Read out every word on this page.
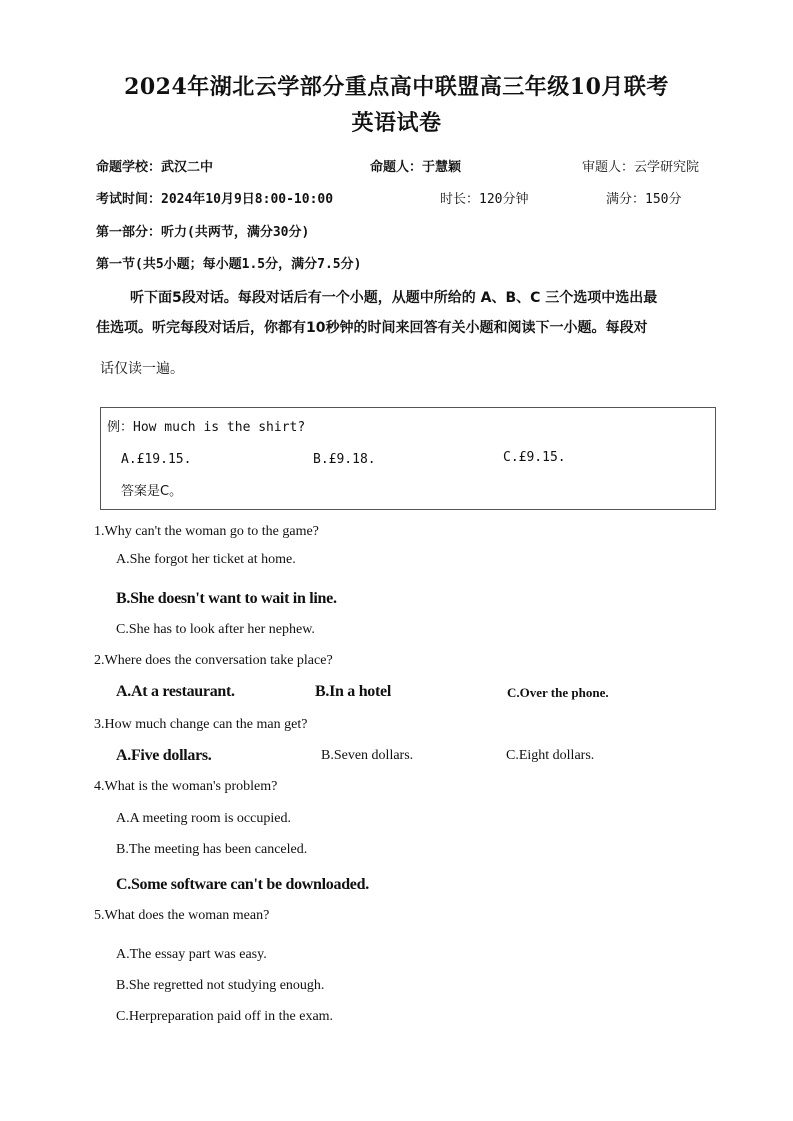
2024年湖北云学部分重点高中联盟高三年级10月联考
英语试卷
命题学校：武汉二中	命题人：于慧颖	审题人：云学研究院
考试时间：2024年10月9日8:00-10:00	时长：120分钟	满分：150分
第一部分：听力(共两节，满分30分)
第一节(共5小题；每小题1.5分，满分7.5分)
听下面5段对话。每段对话后有一个小题，从题中所给的 A、B、C 三个选项中选出最
佳选项。听完每段对话后，你都有10秒钟的时间来回答有关小题和阅读下一小题。每段对
话仅读一遍。
例：How much is the shirt?
A.£19.15.	B.£9.18.	C.£9.15.
答案是C。
1.Why can't the woman go to the game?
A.She forgot her ticket at home.
B.She doesn't want to wait in line.
C.She has to look after her nephew.
2.Where does the conversation take place?
A.At a restaurant.	B.In a hotel	C.Over the phone.
3.How much change can the man get?
A.Five dollars.	B.Seven dollars.	C.Eight dollars.
4.What is the woman's problem?
A.A meeting room is occupied.
B.The meeting has been canceled.
C.Some software can't be downloaded.
5.What does the woman mean?
A.The essay part was easy.
B.She regretted not studying enough.
C.Herpreparation paid off in the exam.
